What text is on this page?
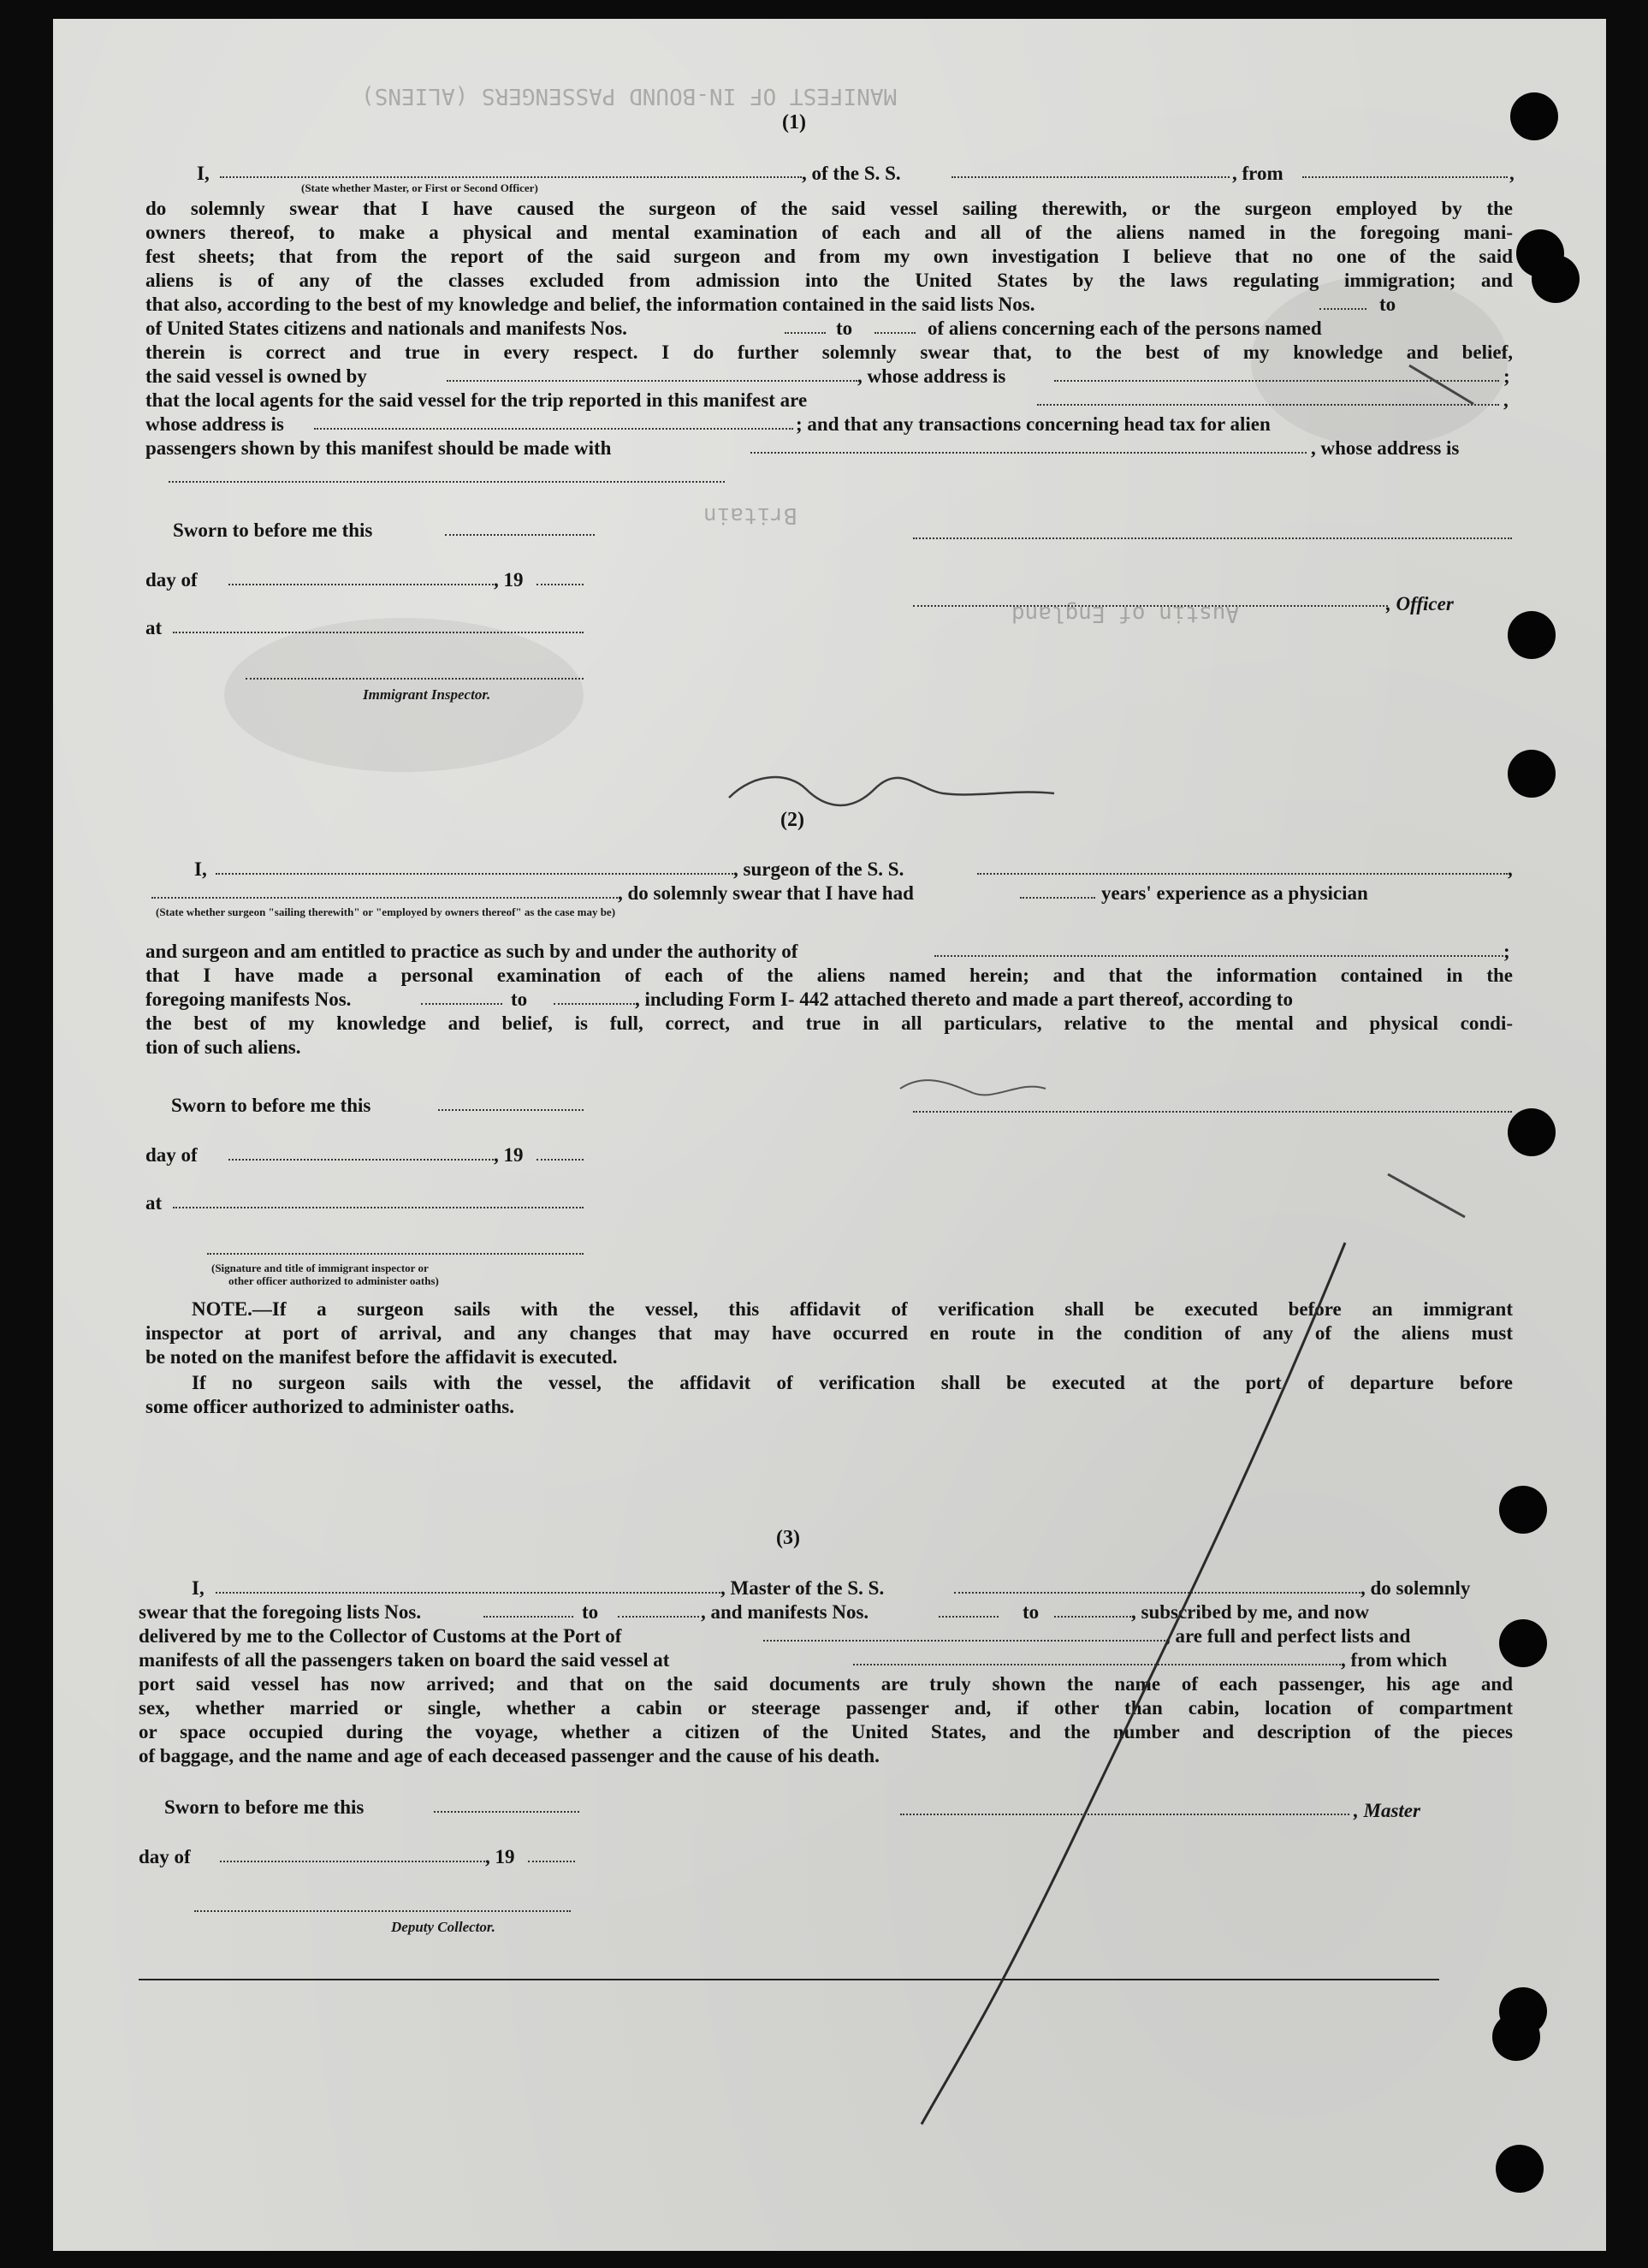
MANIFEST OF IN-BOUND PASSENGERS (ALIENS)
Britain
Austin of England
(1)
I,	, of the S. S.	, from	,
(State whether Master, or First or Second Officer)
do solemnly swear that I have caused the surgeon of the said vessel sailing therewith, or the surgeon employed by the
owners thereof, to make a physical and mental examination of each and all of the aliens named in the foregoing mani-
fest sheets; that from the report of the said surgeon and from my own investigation I believe that no one of the said
aliens is of any of the classes excluded from admission into the United States by the laws regulating immigration; and
that also, according to the best of my knowledge and belief, the information contained in the said lists Nos.	to
of United States citizens and nationals and manifests Nos.	to	of aliens concerning each of the persons named
therein is correct and true in every respect. I do further solemnly swear that, to the best of my knowledge and belief,
the said vessel is owned by	, whose address is	;
that the local agents for the said vessel for the trip reported in this manifest are	,
whose address is	; and that any transactions concerning head tax for alien
passengers shown by this manifest should be made with	, whose address is
Sworn to before me this
day of	, 19
, Officer
at
Immigrant Inspector.
(2)
I,	, surgeon of the S. S.	,
, do solemnly swear that I have had	years' experience as a physician
(State whether surgeon "sailing therewith" or "employed by owners thereof" as the case may be)
and surgeon and am entitled to practice as such by and under the authority of	;
that I have made a personal examination of each of the aliens named herein; and that the information contained in the
foregoing manifests Nos.	to	, including Form I- 442 attached thereto and made a part thereof, according to
the best of my knowledge and belief, is full, correct, and true in all particulars, relative to the mental and physical condi-
tion of such aliens.
Sworn to before me this
day of	, 19
at
(Signature and title of immigrant inspector or
other officer authorized to administer oaths)
NOTE.—If a surgeon sails with the vessel, this affidavit of verification shall be executed before an immigrant
inspector at port of arrival, and any changes that may have occurred en route in the condition of any of the aliens must
be noted on the manifest before the affidavit is executed.
If no surgeon sails with the vessel, the affidavit of verification shall be executed at the port of departure before
some officer authorized to administer oaths.
(3)
I,	, Master of the S. S.	, do solemnly
swear that the foregoing lists Nos.	to	, and manifests Nos.	to	, subscribed by me, and now
delivered by me to the Collector of Customs at the Port of	, are full and perfect lists and
manifests of all the passengers taken on board the said vessel at	, from which
port said vessel has now arrived; and that on the said documents are truly shown the name of each passenger, his age and
sex, whether married or single, whether a cabin or steerage passenger and, if other than cabin, location of compartment
or space occupied during the voyage, whether a citizen of the United States, and the number and description of the pieces
of baggage, and the name and age of each deceased passenger and the cause of his death.
Sworn to before me this	, Master
day of	, 19
Deputy Collector.
